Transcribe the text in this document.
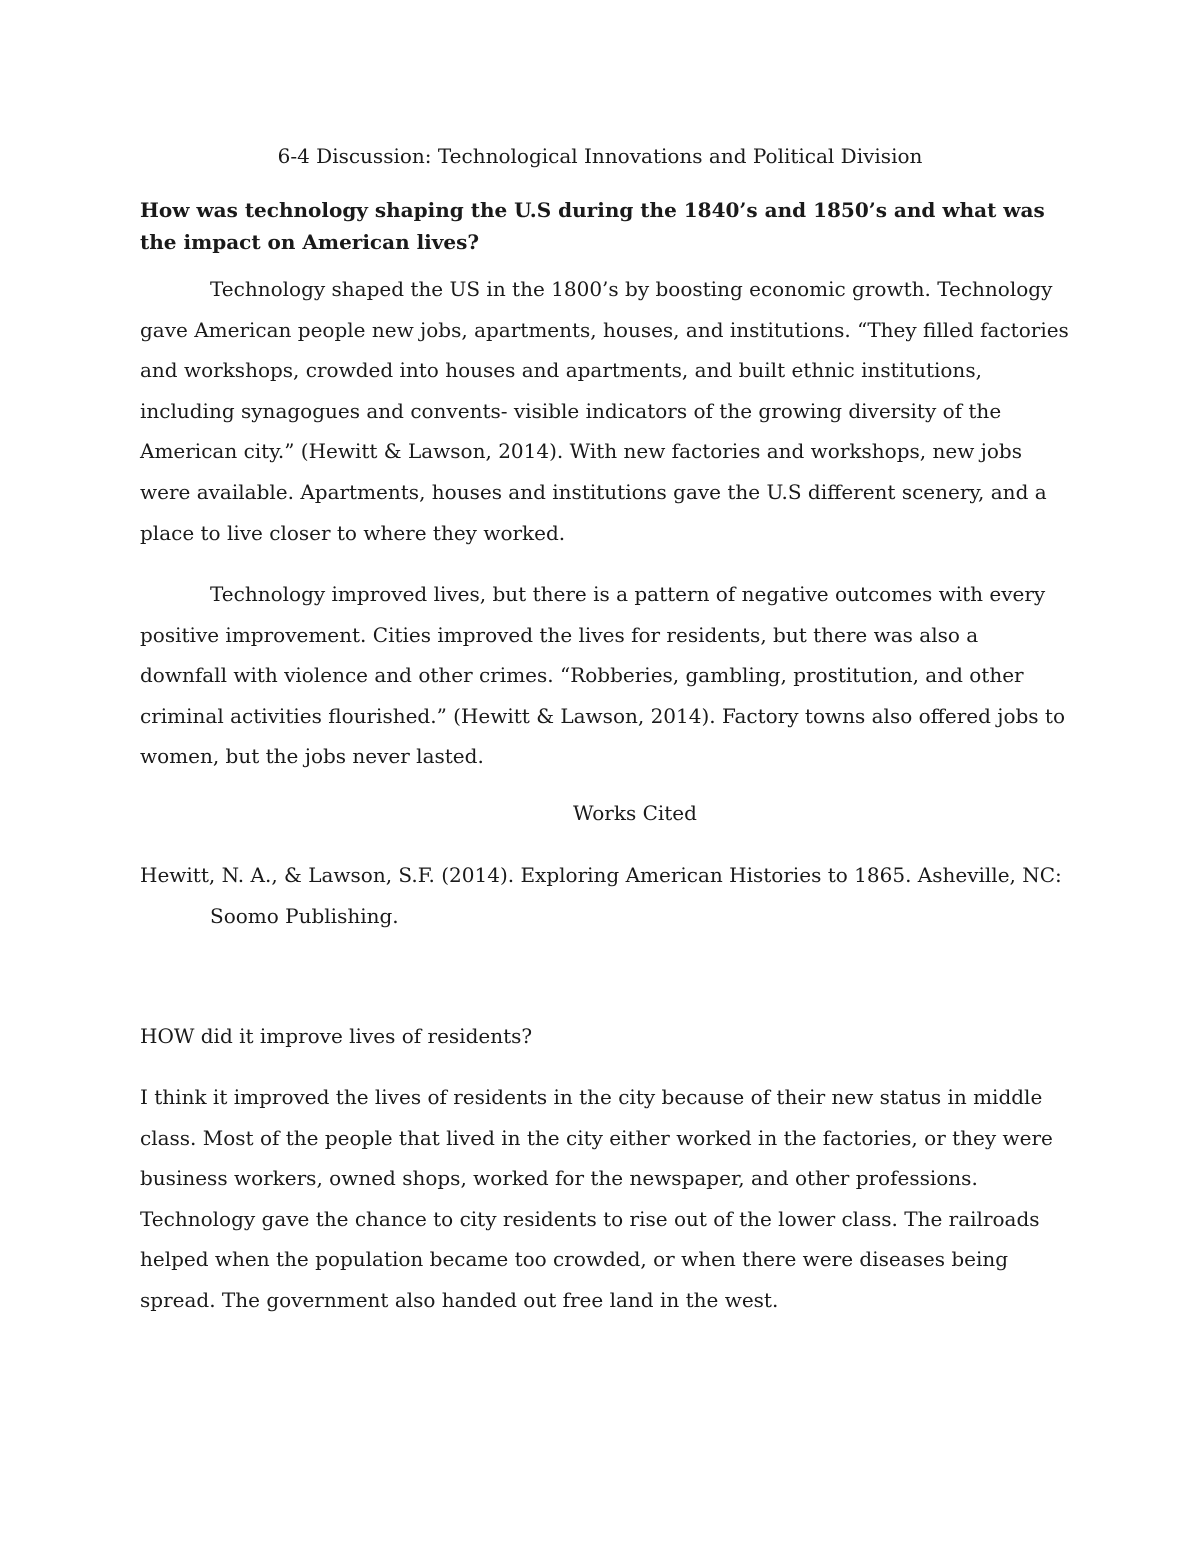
6-4 Discussion: Technological Innovations and Political Division
How was technology shaping the U.S during the 1840’s and 1850’s and what was the impact on American lives?

Technology shaped the US in the 1800’s by boosting economic growth. Technology gave American people new jobs, apartments, houses, and institutions. “They filled factories and workshops, crowded into houses and apartments, and built ethnic institutions, including synagogues and convents- visible indicators of the growing diversity of the American city.” (Hewitt & Lawson, 2014). With new factories and workshops, new jobs were available. Apartments, houses and institutions gave the U.S different scenery, and a place to live closer to where they worked.

Technology improved lives, but there is a pattern of negative outcomes with every positive improvement. Cities improved the lives for residents, but there was also a downfall with violence and other crimes. “Robberies, gambling, prostitution, and other criminal activities flourished.” (Hewitt & Lawson, 2014). Factory towns also offered jobs to women, but the jobs never lasted.

Works Cited

Hewitt, N. A., & Lawson, S.F. (2014). Exploring American Histories to 1865. Asheville, NC: Soomo Publishing.

HOW did it improve lives of residents?

I think it improved the lives of residents in the city because of their new status in middle class. Most of the people that lived in the city either worked in the factories, or they were business workers, owned shops, worked for the newspaper, and other professions. Technology gave the chance to city residents to rise out of the lower class. The railroads helped when the population became too crowded, or when there were diseases being spread. The government also handed out free land in the west.
